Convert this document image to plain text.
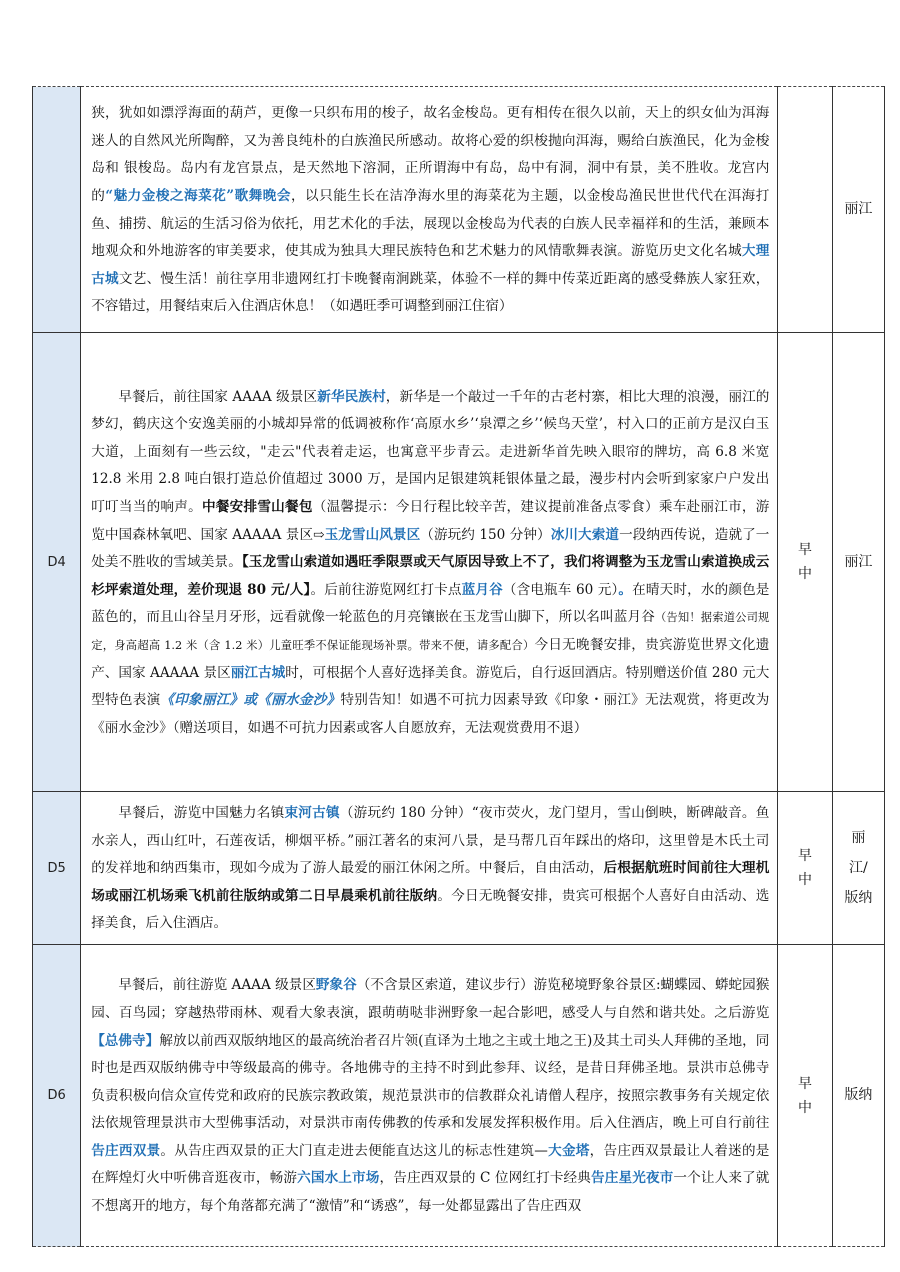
	狭，犹如如漂浮海面的葫芦，更像一只织布用的梭子，故名金梭岛。更有相传在很久以前，天上的织女仙为洱海迷人的自然风光所陶醉，又为善良纯朴的白族渔民所感动。故将心爱的织梭抛向洱海，赐给白族渔民，化为金梭岛和 银梭岛。岛内有龙宫景点，是天然地下溶洞，正所谓海中有岛，岛中有洞，洞中有景，美不胜收。龙宫内的“魅力金梭之海菜花”歌舞晚会，以只能生长在洁净海水里的海菜花为主题，以金梭岛渔民世世代代在洱海打鱼、捕捞、航运的生活习俗为依托，用艺术化的手法，展现以金梭岛为代表的白族人民幸福祥和的生活，兼顾本地观众和外地游客的审美要求，使其成为独具大理民族特色和艺术魅力的风情歌舞表演。游览历史文化名城大理古城文艺、慢生活！前往享用非遗网红打卡晚餐南涧跳菜，体验不一样的舞中传菜近距离的感受彝族人家狂欢，不容错过，用餐结束后入住酒店休息！（如遇旺季可调整到丽江住宿）		丽江
D4	早餐后，前往国家 AAAA 级景区新华民族村，新华是一个敲过一千年的古老村寨，相比大理的浪漫，丽江的梦幻，鹤庆这个安逸美丽的小城却异常的低调被称作‘高原水乡’‘泉潭之乡’‘候鸟天堂’，村入口的正前方是汉白玉大道，上面刻有一些云纹，"走云"代表着走运，也寓意平步青云。走进新华首先映入眼帘的牌坊，高 6.8 米宽 12.8 米用 2.8 吨白银打造总价值超过 3000 万，是国内足银建筑耗银体量之最，漫步村内会听到家家户户发出叮叮当当的响声。中餐安排雪山餐包（温馨提示：今日行程比较辛苦，建议提前准备点零食）乘车赴丽江市，游览中国森林氧吧、国家 AAAAA 景区⇨玉龙雪山风景区（游玩约 150 分钟）冰川大索道一段纳西传说，造就了一处美不胜收的雪域美景。【玉龙雪山索道如遇旺季限票或天气原因导致上不了，我们将调整为玉龙雪山索道换成云杉坪索道处理，差价现退 80 元/人】。后前往游览网红打卡点蓝月谷（含电瓶车 60 元）。在晴天时，水的颜色是蓝色的，而且山谷呈月牙形，远看就像一轮蓝色的月亮镶嵌在玉龙雪山脚下，所以名叫蓝月谷（告知！据索道公司规定，身高超高 1.2 米（含 1.2 米）儿童旺季不保证能现场补票。带来不便，请多配合）今日无晚餐安排，贵宾游览世界文化遗产、国家 AAAAA 景区丽江古城时，可根据个人喜好选择美食。游览后，自行返回酒店。特别赠送价值 280 元大型特色表演《印象丽江》或《丽水金沙》特别告知！如遇不可抗力因素导致《印象・丽江》无法观赏，将更改为《丽水金沙》（赠送项目，如遇不可抗力因素或客人自愿放弃，无法观赏费用不退）	早中	丽江
D5	早餐后，游览中国魅力名镇束河古镇（游玩约 180 分钟）“夜市荧火，龙门望月，雪山倒映，断碑敲音。鱼水亲人，西山红叶，石莲夜话，柳烟平桥。”丽江著名的束河八景，是马帮几百年踩出的烙印，这里曾是木氏土司的发祥地和纳西集市，现如今成为了游人最爱的丽江休闲之所。中餐后，自由活动，后根据航班时间前往大理机场或丽江机场乘飞机前往版纳或第二日早晨乘机前往版纳。今日无晚餐安排，贵宾可根据个人喜好自由活动、选择美食，后入住酒店。	早中	丽江/版纳

D6	早餐后，前往游览 AAAA 级景区野象谷（不含景区索道，建议步行）游览秘境野象谷景区:蝴蝶园、蟒蛇园猴园、百鸟园；穿越热带雨林、观看大象表演，跟萌萌哒非洲野象一起合影吧，感受人与自然和谐共处。之后游览【总佛寺】解放以前西双版纳地区的最高统治者召片领(直译为土地之主或土地之王)及其土司头人拜佛的圣地，同时也是西双版纳佛寺中等级最高的佛寺。各地佛寺的主持不时到此参拜、议经，是昔日拜佛圣地。景洪市总佛寺负责积极向信众宣传党和政府的民族宗教政策，规范景洪市的信教群众礼请僧人程序，按照宗教事务有关规定依法依规管理景洪市大型佛事活动，对景洪市南传佛教的传承和发展发挥积极作用。后入住酒店，晚上可自行前往告庄西双景。从告庄西双景的正大门直走进去便能直达这儿的标志性建筑—大金塔，告庄西双景最让人着迷的是在辉煌灯火中听佛音逛夜市，畅游六国水上市场，告庄西双景的 C 位网红打卡经典告庄星光夜市一个让人来了就不想离开的地方，每个角落都充满了“激情”和“诱惑”，每一处都显露出了告庄西双	早中	版纳
